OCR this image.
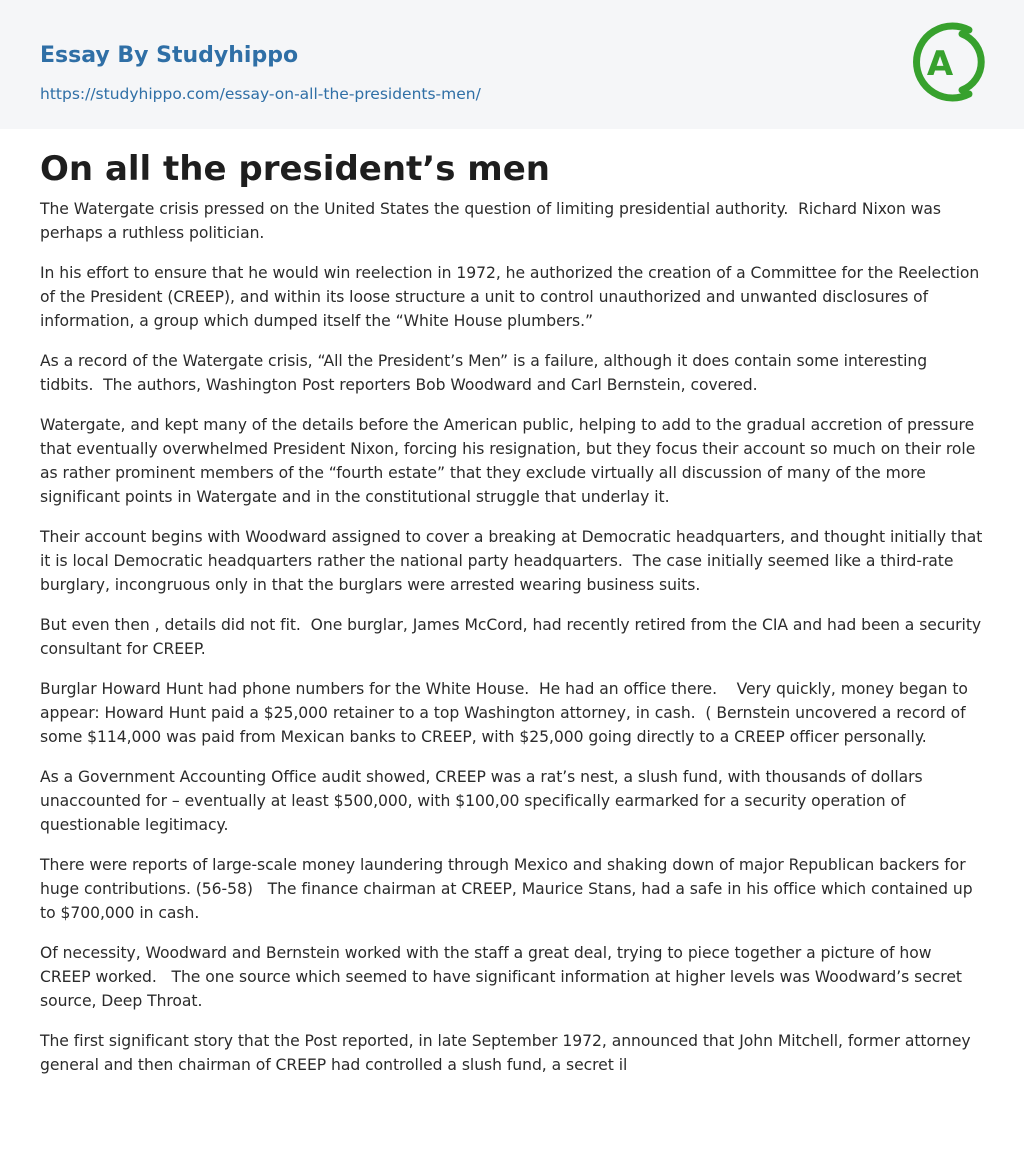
Essay By Studyhippo
https://studyhippo.com/essay-on-all-the-presidents-men/
A
On all the president’s men

The Watergate crisis pressed on the United States the question of limiting presidential authority.  Richard Nixon was perhaps a ruthless politician.

In his effort to ensure that he would win reelection in 1972, he authorized the creation of a Committee for the Reelection of the President (CREEP), and within its loose structure a unit to control unauthorized and unwanted disclosures of information, a group which dumped itself the “White House plumbers.”

As a record of the Watergate crisis, “All the President’s Men” is a failure, although it does contain some interesting tidbits.  The authors, Washington Post reporters Bob Woodward and Carl Bernstein, covered.

Watergate, and kept many of the details before the American public, helping to add to the gradual accretion of pressure that eventually overwhelmed President Nixon, forcing his resignation, but they focus their account so much on their role as rather prominent members of the “fourth estate” that they exclude virtually all discussion of many of the more significant points in Watergate and in the constitutional struggle that underlay it.

Their account begins with Woodward assigned to cover a breaking at Democratic headquarters, and thought initially that it is local Democratic headquarters rather the national party headquarters.  The case initially seemed like a third-rate burglary, incongruous only in that the burglars were arrested wearing business suits.

But even then , details did not fit.  One burglar, James McCord, had recently retired from the CIA and had been a security consultant for CREEP.

Burglar Howard Hunt had phone numbers for the White House.  He had an office there.    Very quickly, money began to appear: Howard Hunt paid a $25,000 retainer to a top Washington attorney, in cash.  ( Bernstein uncovered a record of some $114,000 was paid from Mexican banks to CREEP, with $25,000 going directly to a CREEP officer personally.

As a Government Accounting Office audit showed, CREEP was a rat’s nest, a slush fund, with thousands of dollars unaccounted for – eventually at least $500,000, with $100,00 specifically earmarked for a security operation of questionable legitimacy.

There were reports of large-scale money laundering through Mexico and shaking down of major Republican backers for huge contributions. (56-58)   The finance chairman at CREEP, Maurice Stans, had a safe in his office which contained up to $700,000 in cash.

Of necessity, Woodward and Bernstein worked with the staff a great deal, trying to piece together a picture of how CREEP worked.   The one source which seemed to have significant information at higher levels was Woodward’s secret source, Deep Throat.

The first significant story that the Post reported, in late September 1972, announced that John Mitchell, former attorney general and then chairman of CREEP had controlled a slush fund, a secret il
